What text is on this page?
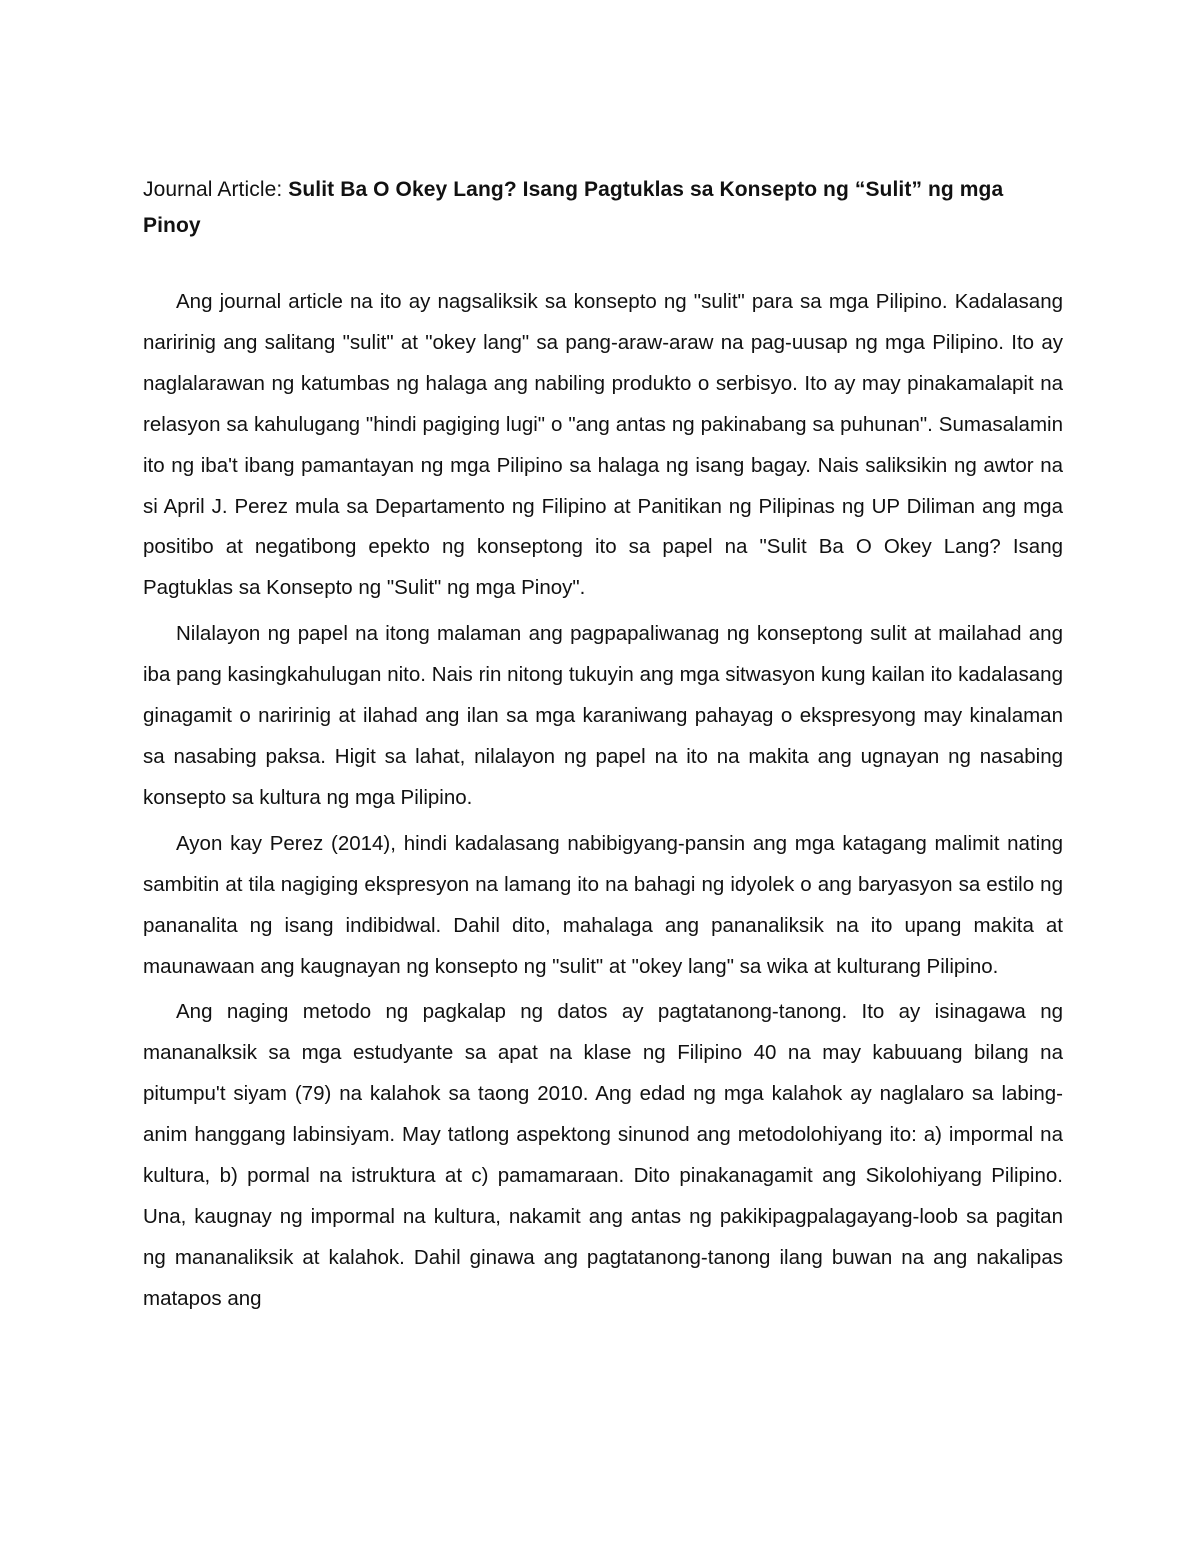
Journal Article: Sulit Ba O Okey Lang? Isang Pagtuklas sa Konsepto ng “Sulit” ng mga Pinoy

Ang journal article na ito ay nagsaliksik sa konsepto ng "sulit" para sa mga Pilipino. Kadalasang naririnig ang salitang "sulit" at "okey lang" sa pang-araw-araw na pag-uusap ng mga Pilipino. Ito ay naglalarawan ng katumbas ng halaga ang nabiling produkto o serbisyo. Ito ay may pinakamalapit na relasyon sa kahulugang "hindi pagiging lugi" o "ang antas ng pakinabang sa puhunan". Sumasalamin ito ng iba't ibang pamantayan ng mga Pilipino sa halaga ng isang bagay. Nais saliksikin ng awtor na si April J. Perez mula sa Departamento ng Filipino at Panitikan ng Pilipinas ng UP Diliman ang mga positibo at negatibong epekto ng konseptong ito sa papel na "Sulit Ba O Okey Lang? Isang Pagtuklas sa Konsepto ng "Sulit" ng mga Pinoy".

Nilalayon ng papel na itong malaman ang pagpapaliwanag ng konseptong sulit at mailahad ang iba pang kasingkahulugan nito. Nais rin nitong tukuyin ang mga sitwasyon kung kailan ito kadalasang ginagamit o naririnig at ilahad ang ilan sa mga karaniwang pahayag o ekspresyong may kinalaman sa nasabing paksa. Higit sa lahat, nilalayon ng papel na ito na makita ang ugnayan ng nasabing konsepto sa kultura ng mga Pilipino.

Ayon kay Perez (2014), hindi kadalasang nabibigyang-pansin ang mga katagang malimit nating sambitin at tila nagiging ekspresyon na lamang ito na bahagi ng idyolek o ang baryasyon sa estilo ng pananalita ng isang indibidwal. Dahil dito, mahalaga ang pananaliksik na ito upang makita at maunawaan ang kaugnayan ng konsepto ng "sulit" at "okey lang" sa wika at kulturang Pilipino.

Ang naging metodo ng pagkalap ng datos ay pagtatanong-tanong. Ito ay isinagawa ng mananalksik sa mga estudyante sa apat na klase ng Filipino 40 na may kabuuang bilang na pitumpu't siyam (79) na kalahok sa taong 2010. Ang edad ng mga kalahok ay naglalaro sa labing-anim hanggang labinsiyam. May tatlong aspektong sinunod ang metodolohiyang ito: a) impormal na kultura, b) pormal na istruktura at c) pamamaraan. Dito pinakanagamit ang Sikolohiyang Pilipino. Una, kaugnay ng impormal na kultura, nakamit ang antas ng pakikipagpalagayang-loob sa pagitan ng mananaliksik at kalahok. Dahil ginawa ang pagtatanong-tanong ilang buwan na ang nakalipas matapos ang
